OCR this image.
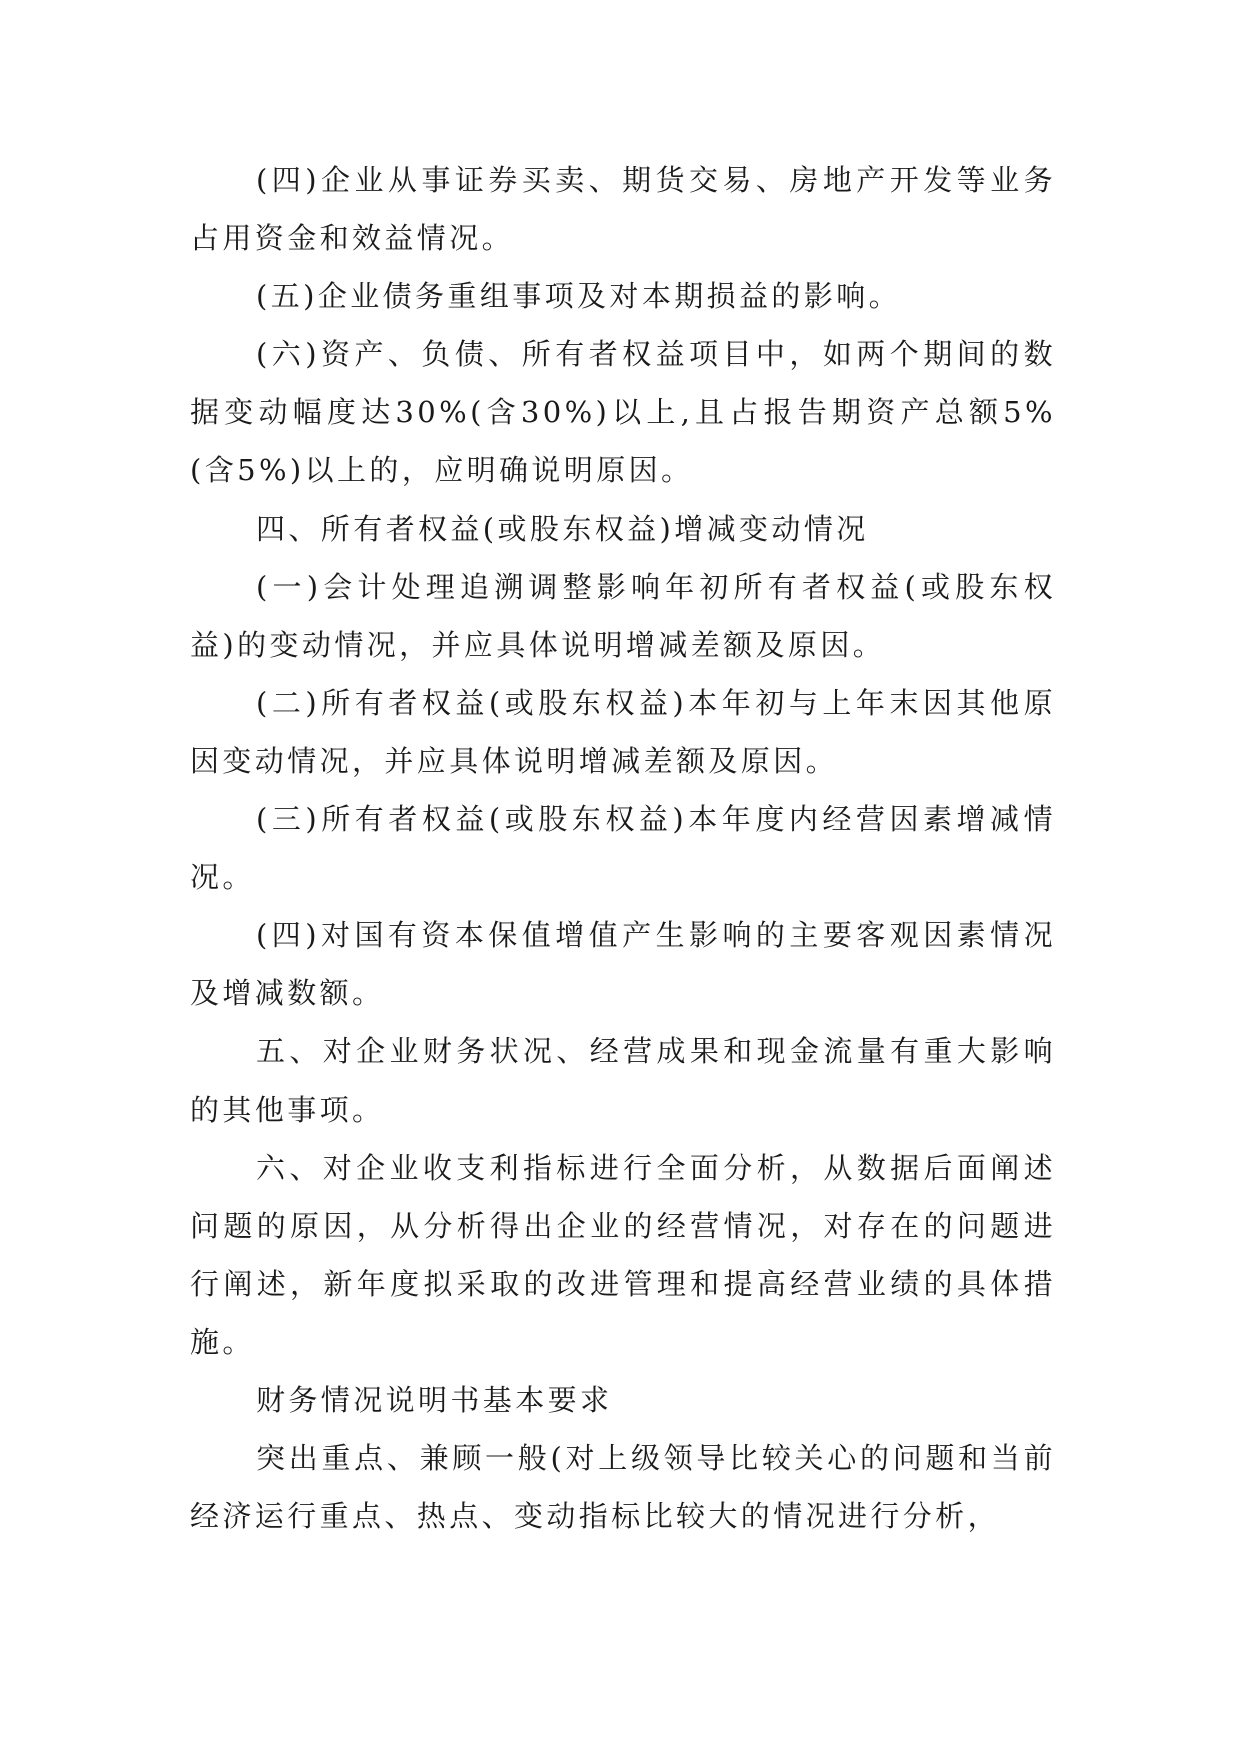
(四)企业从事证券买卖、期货交易、房地产开发等业务占用资金和效益情况。

(五)企业债务重组事项及对本期损益的影响。

(六)资产、负债、所有者权益项目中，如两个期间的数据变动幅度达30%(含30%)以上,且占报告期资产总额5%(含5%)以上的，应明确说明原因。

四、所有者权益(或股东权益)增减变动情况

(一)会计处理追溯调整影响年初所有者权益(或股东权益)的变动情况，并应具体说明增减差额及原因。

(二)所有者权益(或股东权益)本年初与上年末因其他原因变动情况，并应具体说明增减差额及原因。

(三)所有者权益(或股东权益)本年度内经营因素增减情况。

(四)对国有资本保值增值产生影响的主要客观因素情况及增减数额。

五、对企业财务状况、经营成果和现金流量有重大影响的其他事项。

六、对企业收支利指标进行全面分析，从数据后面阐述问题的原因，从分析得出企业的经营情况，对存在的问题进行阐述，新年度拟采取的改进管理和提高经营业绩的具体措施。

财务情况说明书基本要求

突出重点、兼顾一般(对上级领导比较关心的问题和当前经济运行重点、热点、变动指标比较大的情况进行分析，
